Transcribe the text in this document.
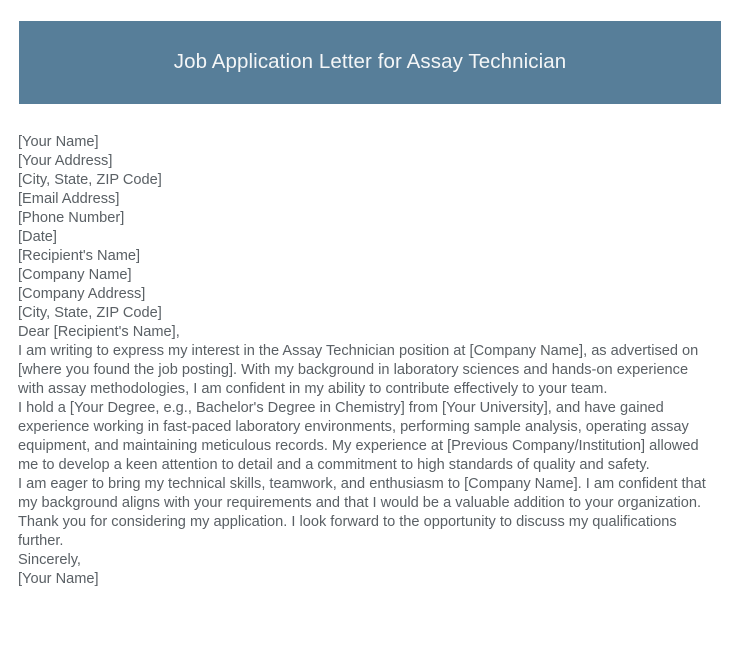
Job Application Letter for Assay Technician
[Your Name]
[Your Address]
[City, State, ZIP Code]
[Email Address]
[Phone Number]
[Date]
[Recipient's Name]
[Company Name]
[Company Address]
[City, State, ZIP Code]
Dear [Recipient's Name],

I am writing to express my interest in the Assay Technician position at [Company Name], as advertised on [where you found the job posting]. With my background in laboratory sciences and hands-on experience with assay methodologies, I am confident in my ability to contribute effectively to your team.

I hold a [Your Degree, e.g., Bachelor's Degree in Chemistry] from [Your University], and have gained experience working in fast-paced laboratory environments, performing sample analysis, operating assay equipment, and maintaining meticulous records. My experience at [Previous Company/Institution] allowed me to develop a keen attention to detail and a commitment to high standards of quality and safety.

I am eager to bring my technical skills, teamwork, and enthusiasm to [Company Name]. I am confident that my background aligns with your requirements and that I would be a valuable addition to your organization.

Thank you for considering my application. I look forward to the opportunity to discuss my qualifications further.

Sincerely,
[Your Name]
